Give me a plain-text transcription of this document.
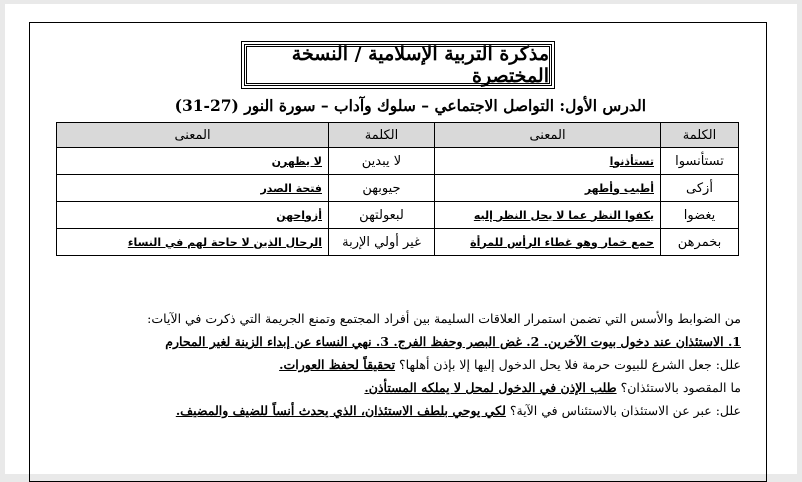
مذكرة التربية الإسلامية / النسخة المختصرة
الدرس الأول: التواصل الاجتماعي – سلوك وآداب – سورة النور (27-31)
الكلمة	المعنى	الكلمة	المعنى
تستأنسوا	تستأذنوا	لا يبدين	لا يظهرن
أزكى	أطيب وأطهر	جيوبهن	فتحة الصدر
يغضوا	يكفوا النظر عما لا يحل النظر إليه	لبعولتهن	أزواجهن
بخمرهن	جمع خمار وهو غطاء الرأس للمرأة	غير أولي الإربة	الرجال الذين لا حاجة لهم في النساء
من الضوابط والأسس التي تضمن استمرار العلاقات السليمة بين أفراد المجتمع وتمنع الجريمة التي ذكرت في الآيات:
1. الاستئذان عند دخول بيوت الآخرين. 2. غض البصر وحفظ الفرج. 3. نهي النساء عن إبداء الزينة لغير المحارم
علل: جعل الشرع للبيوت حرمة فلا يحل الدخول إليها إلا بإذن أهلها؟ تحقيقاً لحفظ العورات.
ما المقصود بالاستئذان؟ طلب الإذن في الدخول لمحل لا يملكه المستأذن.
علل: عبر عن الاستئذان بالاستئناس في الآية؟ لكي يوحي بلطف الاستئذان، الذي يحدث أنساً للضيف والمضيف.
